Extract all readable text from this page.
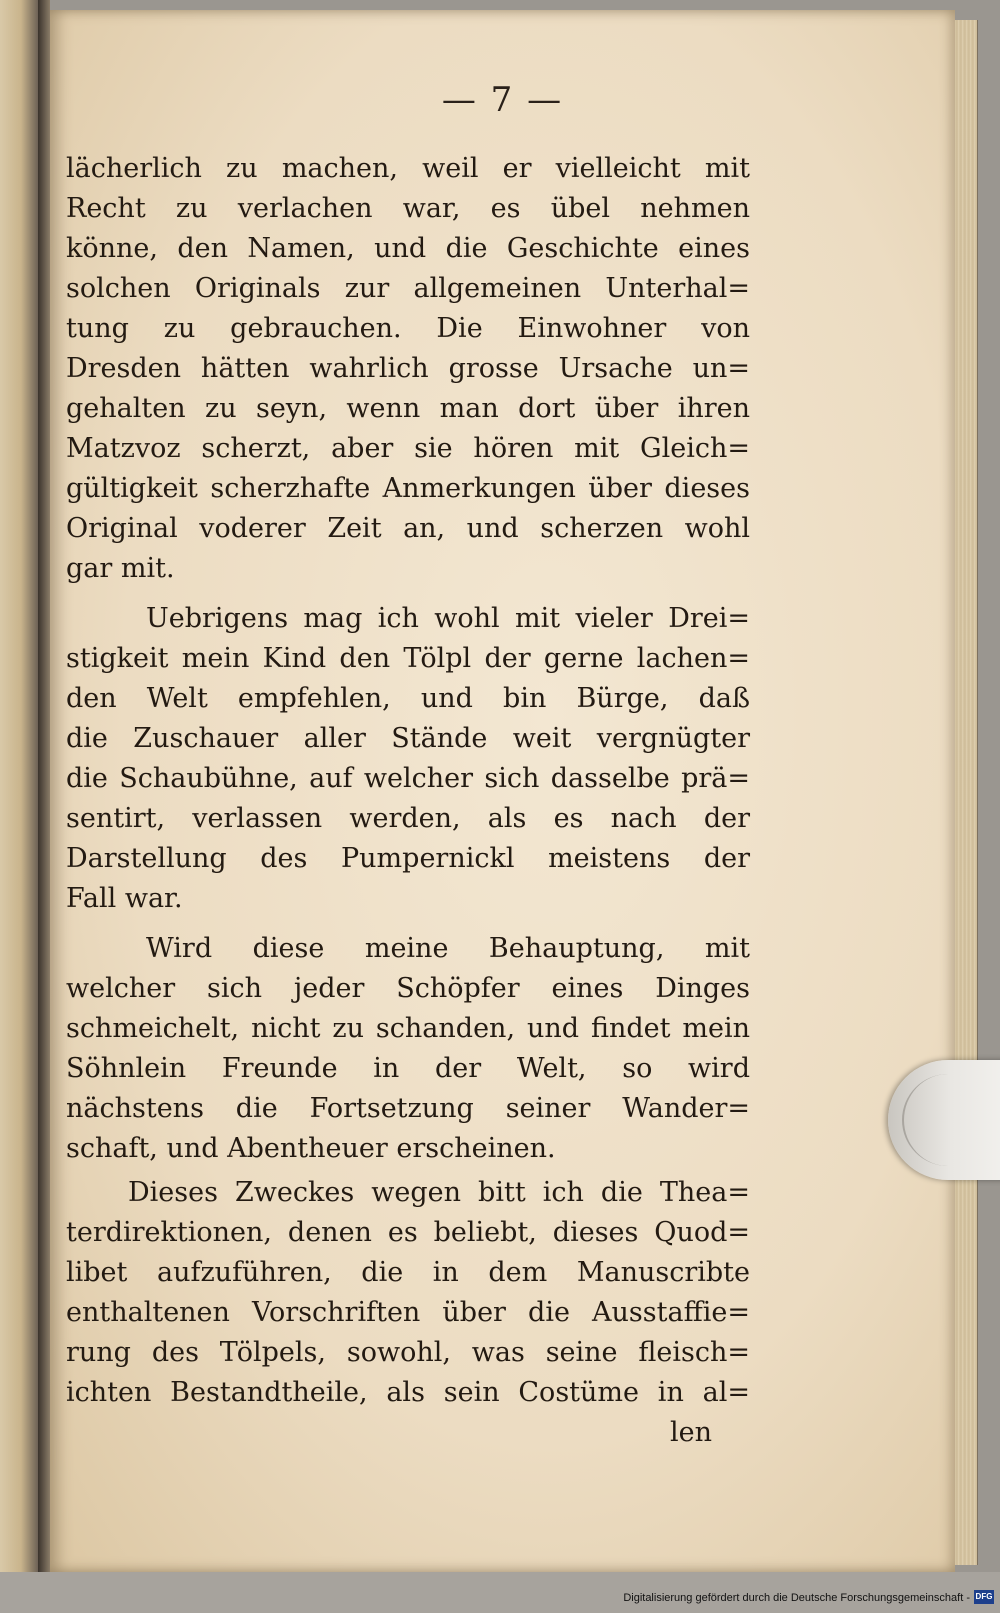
— 7 —
lächerlich zu machen, weil er vielleicht mit
Recht zu verlachen war, es übel nehmen
könne, den Namen, und die Geschichte eines
solchen Originals zur allgemeinen Unterhal=
tung zu gebrauchen. Die Einwohner von
Dresden hätten wahrlich grosse Ursache un=
gehalten zu seyn, wenn man dort über ihren
Matzvoz scherzt, aber sie hören mit Gleich=
gültigkeit scherzhafte Anmerkungen über dieses
Original voderer Zeit an, und scherzen wohl
gar mit.
Uebrigens mag ich wohl mit vieler Drei=
stigkeit mein Kind den Tölpl der gerne lachen=
den Welt empfehlen, und bin Bürge, daß
die Zuschauer aller Stände weit vergnügter
die Schaubühne, auf welcher sich dasselbe prä=
sentirt, verlassen werden, als es nach der
Darstellung des Pumpernickl meistens der
Fall war.
Wird diese meine Behauptung, mit
welcher sich jeder Schöpfer eines Dinges
schmeichelt, nicht zu schanden, und findet mein
Söhnlein Freunde in der Welt, so wird
nächstens die Fortsetzung seiner Wander=
schaft, und Abentheuer erscheinen.
Dieses Zweckes wegen bitt ich die Thea=
terdirektionen, denen es beliebt, dieses Quod=
libet aufzuführen, die in dem Manuscribte
enthaltenen Vorschriften über die Ausstaffie=
rung des Tölpels, sowohl, was seine fleisch=
ichten Bestandtheile, als sein Costüme in al=
len
Digitalisierung gefördert durch die Deutsche Forschungsgemeinschaft - DFG
